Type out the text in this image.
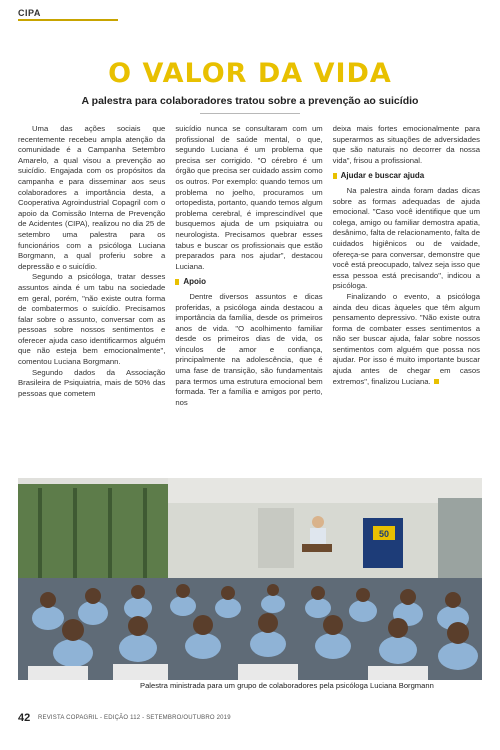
CIPA
O VALOR DA VIDA
A palestra para colaboradores tratou sobre a prevenção ao suicídio

Uma das ações sociais que recentemente recebeu ampla atenção da comunidade é a Campanha Setembro Amarelo, a qual visou a prevenção ao suicídio. Engajada com os propósitos da campanha e para disseminar aos seus colaboradores a importância desta, a Cooperativa Agroindustrial Copagril com o apoio da Comissão Interna de Prevenção de Acidentes (CIPA), realizou no dia 25 de setembro uma palestra para os funcionários com a psicóloga Luciana Borgmann, a qual proferiu sobre a depressão e o suicídio.

Segundo a psicóloga, tratar desses assuntos ainda é um tabu na sociedade em geral, porém, "não existe outra forma de combatermos o suicídio. Precisamos falar sobre o assunto, conversar com as pessoas sobre nossos sentimentos e oferecer ajuda caso identificarmos alguém que não esteja bem emocionalmente", comentou Luciana Borgmann.

Segundo dados da Associação Brasileira de Psiquiatria, mais de 50% das pessoas que cometem

suicídio nunca se consultaram com um profissional de saúde mental, o que, segundo Luciana é um problema que precisa ser corrigido. "O cérebro é um órgão que precisa ser cuidado assim como os outros. Por exemplo: quando temos um problema no joelho, procuramos um ortopedista, portanto, quando temos algum problema cerebral, é imprescindível que busquemos ajuda de um psiquiatra ou neurologista. Precisamos quebrar esses tabus e buscar os profissionais que estão preparados para nos ajudar", destacou Luciana.

Apoio

Dentre diversos assuntos e dicas proferidas, a psicóloga ainda destacou a importância da família, desde os primeiros anos de vida. "O acolhimento familiar desde os primeiros dias de vida, os vínculos de amor e confiança, principalmente na adolescência, que é uma fase de transição, são fundamentais para termos uma estrutura emocional bem formada. Ter a família e amigos por perto, nos

deixa mais fortes emocionalmente para superarmos as situações de adversidades que são naturais no decorrer da nossa vida", frisou a profissional.

Ajudar e buscar ajuda

Na palestra ainda foram dadas dicas sobre as formas adequadas de ajuda emocional. "Caso você identifique que um colega, amigo ou familiar demostra apatia, desânimo, falta de relacionamento, falta de cuidados higiênicos ou de vaidade, ofereça-se para conversar, demonstre que você está preocupado, talvez seja isso que essa pessoa está precisando", indicou a psicóloga.

Finalizando o evento, a psicóloga ainda deu dicas àqueles que têm algum pensamento depressivo. "Não existe outra forma de combater esses sentimentos a não ser buscar ajuda, falar sobre nossos sentimentos com alguém que possa nos ajudar. Por isso é muito importante buscar ajuda antes de chegar em casos extremos", finalizou Luciana.

50
Palestra ministrada para um grupo de colaboradores pela psicóloga Luciana Borgmann
42 REVISTA COPAGRIL - EDIÇÃO 112 - SETEMBRO/OUTUBRO 2019
